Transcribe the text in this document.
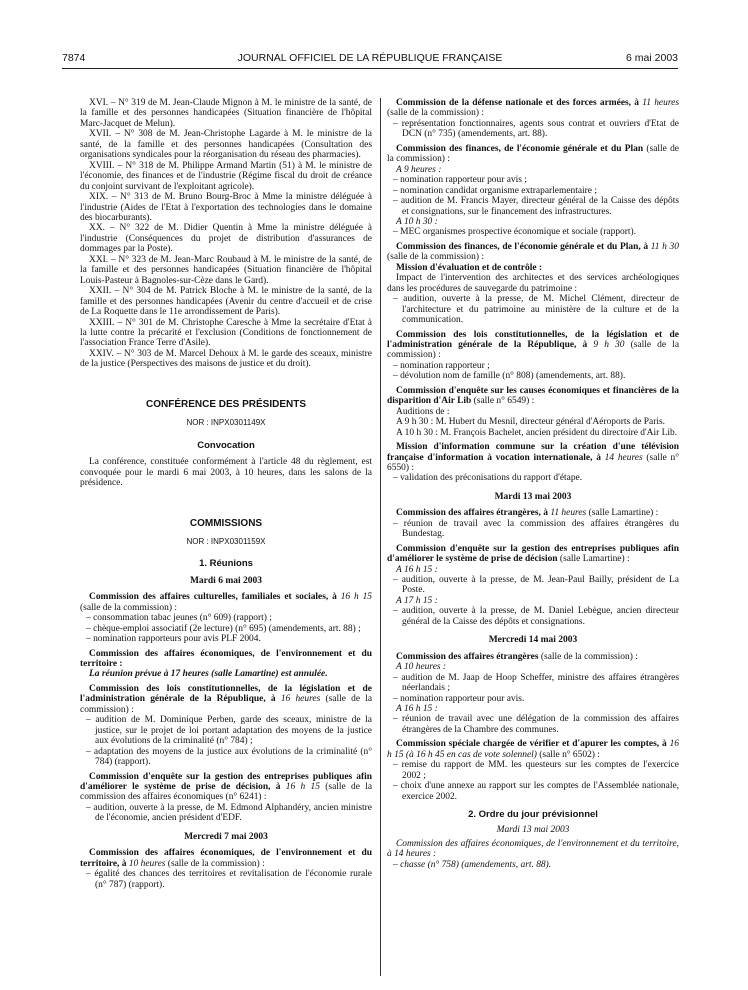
7874	JOURNAL OFFICIEL DE LA RÉPUBLIQUE FRANÇAISE	6 mai 2003

XVI. – N° 319 de M. Jean-Claude Mignon à M. le ministre de la santé, de la famille et des personnes handicapées (Situation financière de l'hôpital Marc-Jacquet de Melun).

XVII. – N° 308 de M. Jean-Christophe Lagarde à M. le ministre de la santé, de la famille et des personnes handicapées (Consultation des organisations syndicales pour la réorganisation du réseau des pharmacies).

XVIII. – N° 318 de M. Philippe Armand Martin (51) à M. le ministre de l'économie, des finances et de l'industrie (Régime fiscal du droit de créance du conjoint survivant de l'exploitant agricole).

XIX. – N° 313 de M. Bruno Bourg-Broc à Mme la ministre déléguée à l'industrie (Aides de l'Etat à l'exportation des technologies dans le domaine des biocarburants).

XX. – N° 322 de M. Didier Quentin à Mme la ministre déléguée à l'industrie (Conséquences du projet de distribution d'assurances de dommages par la Poste).

XXI. – N° 323 de M. Jean-Marc Roubaud à M. le ministre de la santé, de la famille et des personnes handicapées (Situation financière de l'hôpital Louis-Pasteur à Bagnoles-sur-Cèze dans le Gard).

XXII. – N° 304 de M. Patrick Bloche à M. le ministre de la santé, de la famille et des personnes handicapées (Avenir du centre d'accueil et de crise de La Roquette dans le 11e arrondissement de Paris).

XXIII. – N° 301 de M. Christophe Caresche à Mme la secrétaire d'Etat à la lutte contre la précarité et l'exclusion (Conditions de fonctionnement de l'association France Terre d'Asile).

XXIV. – N° 303 de M. Marcel Dehoux à M. le garde des sceaux, ministre de la justice (Perspectives des maisons de justice et du droit).

CONFÉRENCE DES PRÉSIDENTS

NOR : INPX0301149X

Convocation

La conférence, constituée conformément à l'article 48 du règlement, est convoquée pour le mardi 6 mai 2003, à 10 heures, dans les salons de la présidence.

COMMISSIONS

NOR : INPX0301159X

1. Réunions

Mardi 6 mai 2003

Commission des affaires culturelles, familiales et sociales, à 16 h 15 (salle de la commission) :

– consommation tabac jeunes (n° 609) (rapport) ;

– chèque-emploi associatif (2e lecture) (n° 695) (amendements, art. 88) ;

– nomination rapporteurs pour avis PLF 2004.

Commission des affaires économiques, de l'environnement et du territoire :

La réunion prévue à 17 heures (salle Lamartine) est annulée.

Commission des lois constitutionnelles, de la législation et de l'administration générale de la République, à 16 heures (salle de la commission) :

– audition de M. Dominique Perben, garde des sceaux, ministre de la justice, sur le projet de loi portant adaptation des moyens de la justice aux évolutions de la criminalité (n° 784) ;

– adaptation des moyens de la justice aux évolutions de la criminalité (n° 784) (rapport).

Commission d'enquête sur la gestion des entreprises publiques afin d'améliorer le système de prise de décision, à 16 h 15 (salle de la commission des affaires économiques (n° 6241) :

– audition, ouverte à la presse, de M. Edmond Alphandéry, ancien ministre de l'économie, ancien président d'EDF.

Mercredi 7 mai 2003

Commission des affaires économiques, de l'environnement et du territoire, à 10 heures (salle de la commission) :

– égalité des chances des territoires et revitalisation de l'économie rurale (n° 787) (rapport).

Commission de la défense nationale et des forces armées, à 11 heures (salle de la commission) :

– représentation fonctionnaires, agents sous contrat et ouvriers d'Etat de DCN (n° 735) (amendements, art. 88).

Commission des finances, de l'économie générale et du Plan (salle de la commission) :

A 9 heures :

– nomination rapporteur pour avis ;

– nomination candidat organisme extraparlementaire ;

– audition de M. Francis Mayer, directeur général de la Caisse des dépôts et consignations, sur le financement des infrastructures.

A 10 h 30 :

– MEC organismes prospective économique et sociale (rapport).

Commission des finances, de l'économie générale et du Plan, à 11 h 30 (salle de la commission) :

Mission d'évaluation et de contrôle :

Impact de l'intervention des architectes et des services archéologiques dans les procédures de sauvegarde du patrimoine :

– audition, ouverte à la presse, de M. Michel Clément, directeur de l'architecture et du patrimoine au ministère de la culture et de la communication.

Commission des lois constitutionnelles, de la législation et de l'administration générale de la République, à 9 h 30 (salle de la commission) :

– nomination rapporteur ;

– dévolution nom de famille (n° 808) (amendements, art. 88).

Commission d'enquête sur les causes économiques et financières de la disparition d'Air Lib (salle n° 6549) :

Auditions de :

A 9 h 30 : M. Hubert du Mesnil, directeur général d'Aéroports de Paris.

A 10 h 30 : M. François Bachelet, ancien président du directoire d'Air Lib.

Mission d'information commune sur la création d'une télévision française d'information à vocation internationale, à 14 heures (salle n° 6550) :

– validation des préconisations du rapport d'étape.

Mardi 13 mai 2003

Commission des affaires étrangères, à 11 heures (salle Lamartine) :

– réunion de travail avec la commission des affaires étrangères du Bundestag.

Commission d'enquête sur la gestion des entreprises publiques afin d'améliorer le système de prise de décision (salle Lamartine) :

A 16 h 15 :

– audition, ouverte à la presse, de M. Jean-Paul Bailly, président de La Poste.

A 17 h 15 :

– audition, ouverte à la presse, de M. Daniel Lebègue, ancien directeur général de la Caisse des dépôts et consignations.

Mercredi 14 mai 2003

Commission des affaires étrangères (salle de la commission) :

A 10 heures :

– audition de M. Jaap de Hoop Scheffer, ministre des affaires étrangères néerlandais ;

– nomination rapporteur pour avis.

A 16 h 15 :

– réunion de travail avec une délégation de la commission des affaires étrangères de la Chambre des communes.

Commission spéciale chargée de vérifier et d'apurer les comptes, à 16 h 15 (à 16 h 45 en cas de vote solennel) (salle n° 6502) :

– remise du rapport de MM. les questeurs sur les comptes de l'exercice 2002 ;

– choix d'une annexe au rapport sur les comptes de l'Assemblée nationale, exercice 2002.

2. Ordre du jour prévisionnel

Mardi 13 mai 2003

Commission des affaires économiques, de l'environnement et du territoire, à 14 heures :

– chasse (n° 758) (amendements, art. 88).
